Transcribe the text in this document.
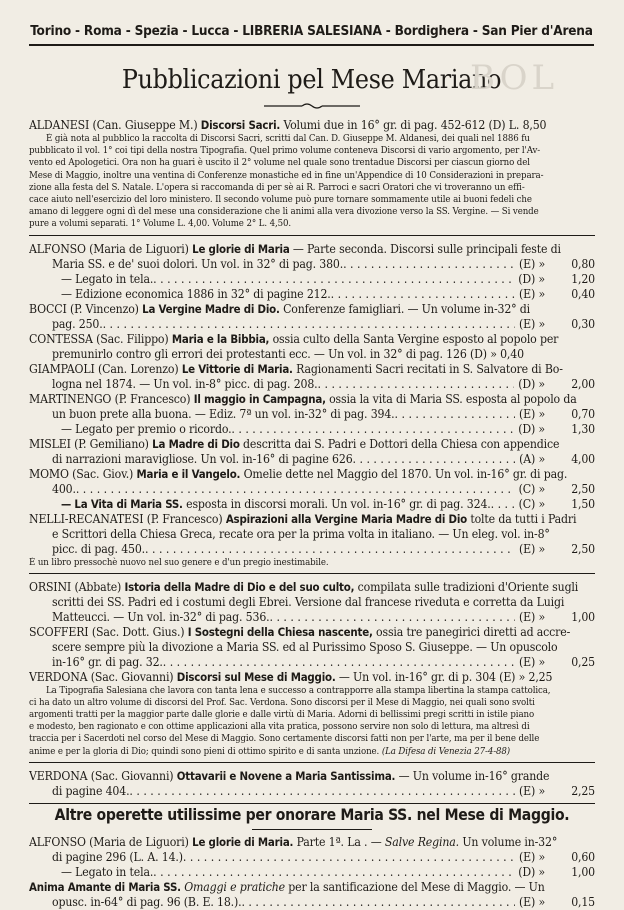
BOL
Torino - Roma - Spezia - Lucca - LIBRERIA SALESIANA - Bordighera - San Pier d'Arena
Pubblicazioni pel Mese Mariano
ALDANESI (Can. Giuseppe M.) Discorsi Sacri. Volumi due in 16° gr. di pag. 452-612 (D) L. 8,50
È già nota al pubblico la raccolta di Discorsi Sacri, scritti dal Can. D. Giuseppe M. Aldanesi, dei quali nel 1886 fu
pubblicato il vol. 1° coi tipi della nostra Tipografia. Quel primo volume conteneva Discorsi di vario argomento, per l'Av-
vento ed Apologetici. Ora non ha guari è uscito il 2° volume nel quale sono trentadue Discorsi per ciascun giorno del
Mese di Maggio, inoltre una ventina di Conferenze monastiche ed in fine un'Appendice di 10 Considerazioni in prepara-
zione alla festa del S. Natale. L'opera si raccomanda di per sè ai R. Parroci e sacri Oratori che vi troveranno un effi-
cace aiuto nell'esercizio del loro ministero. Il secondo volume può pure tornare sommamente utile ai buoni fedeli che
amano di leggere ogni dì del mese una considerazione che li animi alla vera divozione verso la SS. Vergine. — Si vende
pure a volumi separati. 1° Volume L. 4,00. Volume 2° L. 4,50.
ALFONSO (Maria de Liguori) Le glorie di Maria — Parte seconda. Discorsi sulle principali feste di
Maria SS. e de' suoi dolori. Un vol. in 32° di pag. 380. . . .	(E) »	0,80
— Legato in tela. . . .	(D) »	1,20
— Edizione economica 1886 in 32° di pagine 212. . . .	(E) »	0,40
BOCCI (P. Vincenzo) La Vergine Madre di Dio. Conferenze famigliari. — Un volume in-32° di
pag. 250. . . .	(E) »	0,30
CONTESSA (Sac. Filippo) Maria e la Bibbia, ossia culto della Santa Vergine esposto al popolo per
premunirlo contro gli errori dei protestanti ecc. — Un vol. in 32° di pag. 126 (D) » 0,40
GIAMPAOLI (Can. Lorenzo) Le Vittorie di Maria. Ragionamenti Sacri recitati in S. Salvatore di Bo-
logna nel 1874. — Un vol. in-8° picc. di pag. 208. . . .	(D) »	2,00
MARTINENGO (P. Francesco) Il maggio in Campagna, ossia la vita di Maria SS. esposta al popolo da
un buon prete alla buona. — Ediz. 7ª un vol. in-32° di pag. 394. . . .	(E) »	0,70
— Legato per premio o ricordo. . . .	(D) »	1,30
MISLEI (P. Gemiliano) La Madre di Dio descritta dai S. Padri e Dottori della Chiesa con appendice
di narrazioni maravigliose. Un vol. in-16° di pagine 626 . . .	(A) »	4,00
MOMO (Sac. Giov.) Maria e il Vangelo. Omelie dette nel Maggio del 1870. Un vol. in-16° gr. di pag.
400. . . .	(C) »	2,50
— La Vita di Maria SS. esposta in discorsi morali. Un vol. in-16° gr. di pag. 324. . . .	(C) »	1,50
NELLI-RECANATESI (P. Francesco) Aspirazioni alla Vergine Maria Madre di Dio tolte da tutti i Padri
e Scrittori della Chiesa Greca, recate ora per la prima volta in italiano. — Un eleg. vol. in-8°
picc. di pag. 450. . . .	(E) »	2,50
È un libro pressochè nuovo nel suo genere e d'un pregio inestimabile.
ORSINI (Abbate) Istoria della Madre di Dio e del suo culto, compilata sulle tradizioni d'Oriente sugli
scritti dei SS. Padri ed i costumi degli Ebrei. Versione dal francese riveduta e corretta da Luigi
Matteucci. — Un vol. in-32° di pag. 536. . . .	(E) »	1,00
SCOFFERI (Sac. Dott. Gius.) I Sostegni della Chiesa nascente, ossia tre panegirici diretti ad accre-
scere sempre più la divozione a Maria SS. ed al Purissimo Sposo S. Giuseppe. — Un opuscolo
in-16° gr. di pag. 32. . . .	(E) »	0,25
VERDONA (Sac. Giovanni) Discorsi sul Mese di Maggio. — Un vol. in-16° gr. di p. 304 (E) » 2,25
La Tipografia Salesiana che lavora con tanta lena e successo a contrapporre alla stampa libertina la stampa cattolica,
ci ha dato un altro volume di discorsi del Prof. Sac. Verdona. Sono discorsi per il Mese di Maggio, nei quali sono svolti
argomenti tratti per la maggior parte dalle glorie e dalle virtù di Maria. Adorni di bellissimi pregi scritti in istile piano
e modesto, ben ragionato e con ottime applicazioni alla vita pratica, possono servire non solo di lettura, ma altresì di
traccia per i Sacerdoti nel corso del Mese di Maggio. Sono certamente discorsi fatti non per l'arte, ma per il bene delle
anime e per la gloria di Dio; quindi sono pieni di ottimo spirito e di santa unzione. (La Difesa di Venezia 27-4-88)
VERDONA (Sac. Giovanni) Ottavarii e Novene a Maria Santissima. — Un volume in-16° grande
di pagine 404. . . .	(E) »	2,25
Altre operette utilissime per onorare Maria SS. nel Mese di Maggio.
ALFONSO (Maria de Liguori) Le glorie di Maria. Parte 1ª. La . — Salve Regina. Un volume in-32°
di pagine 296 (L. A. 14.) . . .	(E) »	0,60
— Legato in tela. . . .	(D) »	1,00
Anima Amante di Maria SS. Omaggi e pratiche per la santificazione del Mese di Maggio. — Un
opusc. in-64° di pag. 96 (B. E. 18.). . . .	(E) »	0,15
